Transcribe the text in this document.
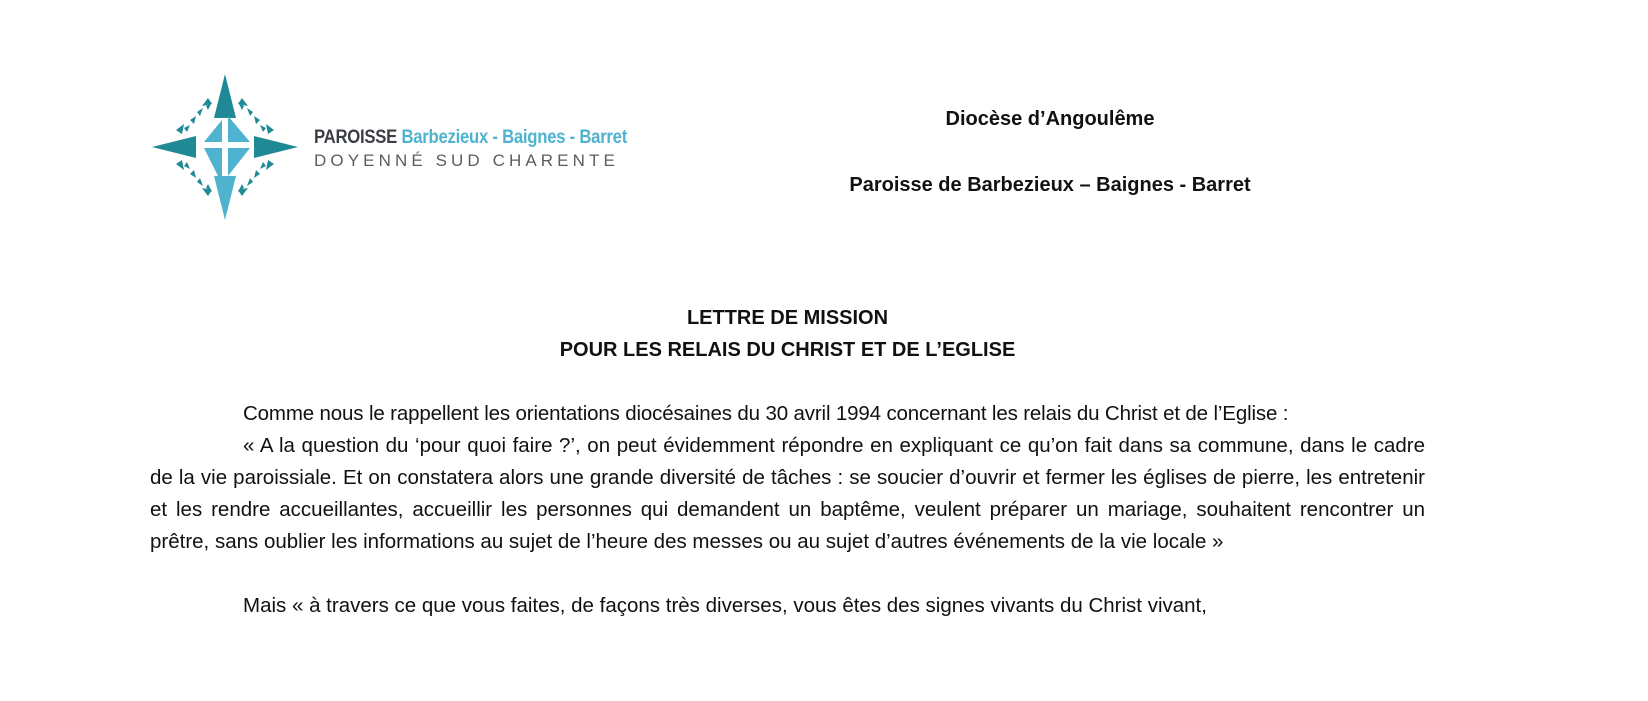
PAROISSE Barbezieux - Baignes - Barret
DOYENNÉ SUD CHARENTE
Diocèse d’Angoulême
Paroisse de Barbezieux – Baignes - Barret
LETTRE DE MISSION
POUR LES RELAIS DU CHRIST ET DE L’EGLISE

Comme nous le rappellent les orientations diocésaines du 30 avril 1994 concernant les relais du Christ et de l’Eglise :

« A la question du ‘pour quoi faire ?’, on peut évidemment répondre en expliquant ce qu’on fait dans sa commune, dans le cadre de la vie paroissiale. Et on constatera alors une grande diversité de tâches : se soucier d’ouvrir et fermer les églises de pierre, les entretenir et les rendre accueillantes, accueillir les personnes qui demandent un baptême, veulent préparer un mariage, souhaitent rencontrer un prêtre, sans oublier les informations au sujet de l’heure des messes ou au sujet d’autres événements de la vie locale »

Mais « à travers ce que vous faites, de façons très diverses, vous êtes des signes vivants du Christ vivant,
